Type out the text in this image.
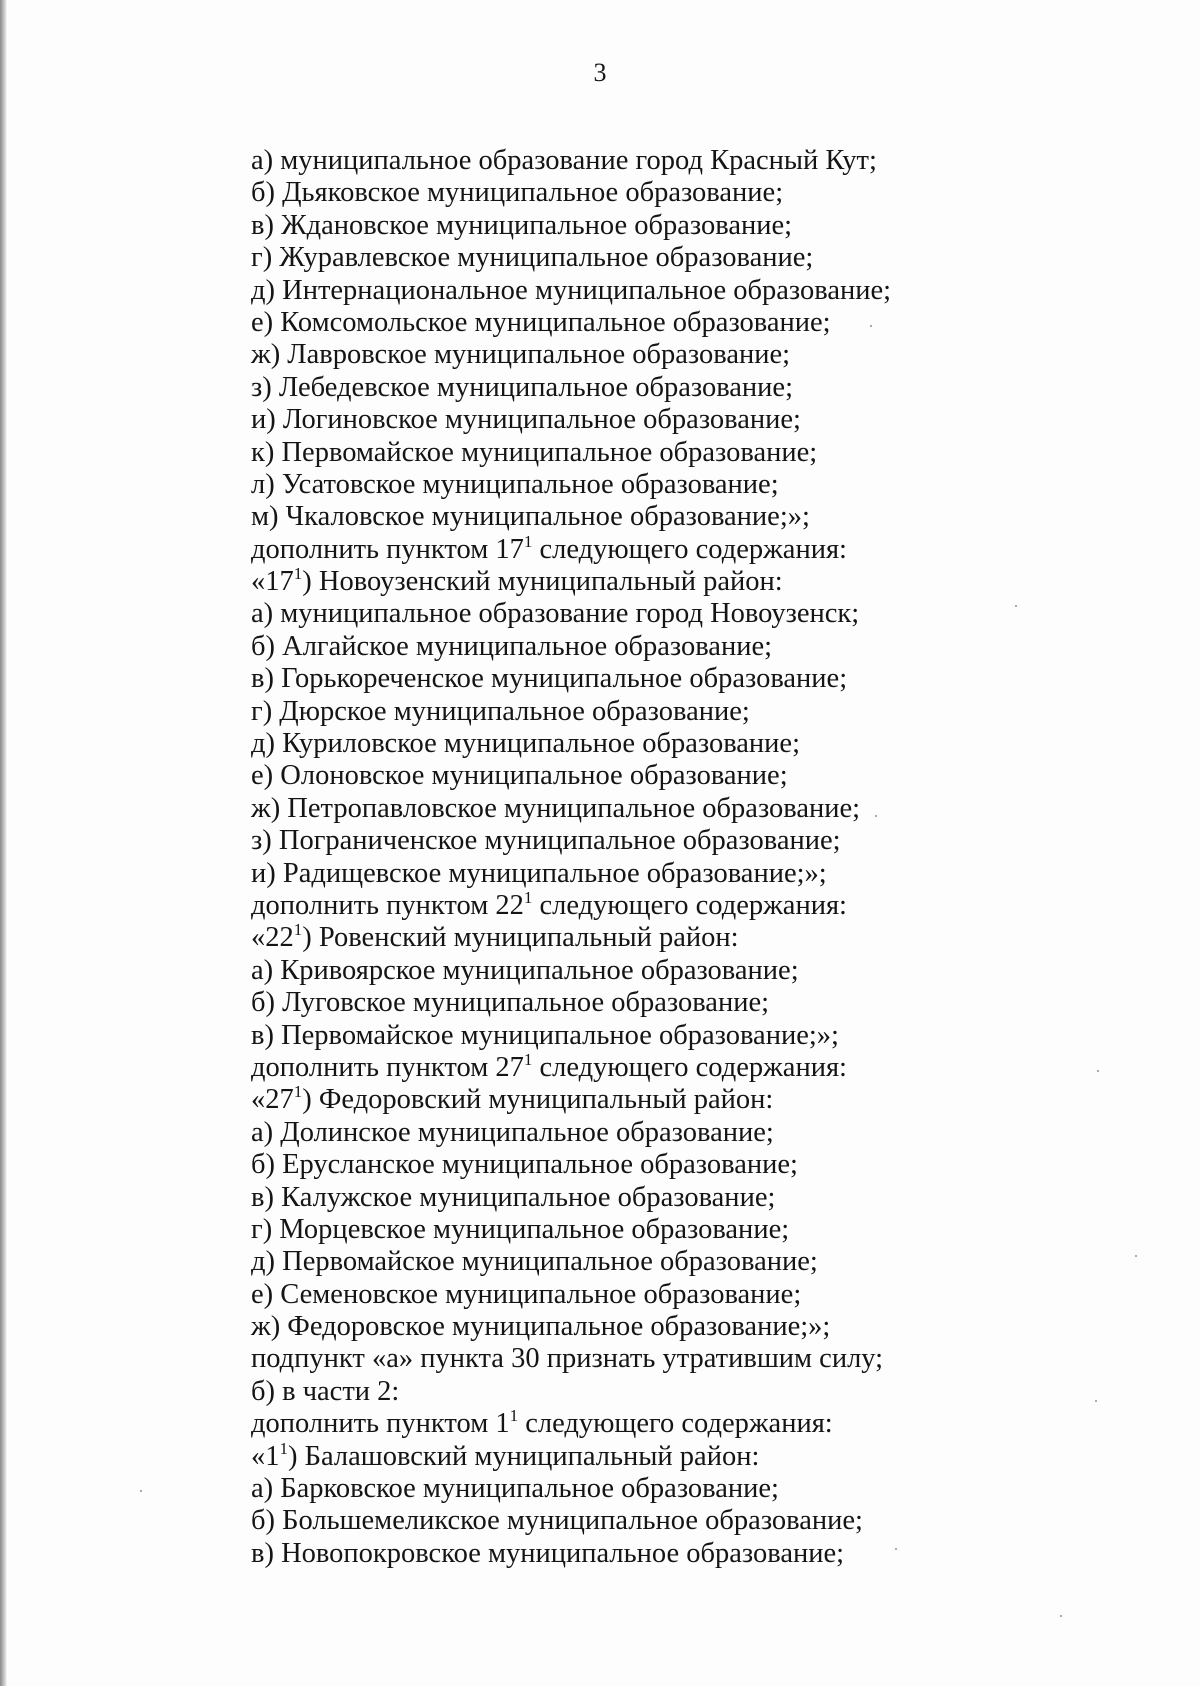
3
а) муниципальное образование город Красный Кут;
б) Дьяковское муниципальное образование;
в) Ждановское муниципальное образование;
г) Журавлевское муниципальное образование;
д) Интернациональное муниципальное образование;
е) Комсомольское муниципальное образование;
ж) Лавровское муниципальное образование;
з) Лебедевское муниципальное образование;
и) Логиновское муниципальное образование;
к) Первомайское муниципальное образование;
л) Усатовское муниципальное образование;
м) Чкаловское муниципальное образование;»;
дополнить пунктом $17^1$ следующего содержания:
«$17^1$) Новоузенский муниципальный район:
а) муниципальное образование город Новоузенск;
б) Алгайское муниципальное образование;
в) Горькореченское муниципальное образование;
г) Дюрское муниципальное образование;
д) Куриловское муниципальное образование;
е) Олоновское муниципальное образование;
ж) Петропавловское муниципальное образование;
з) Пограниченское муниципальное образование;
и) Радищевское муниципальное образование;»;
дополнить пунктом $22^1$ следующего содержания:
«$22^1$) Ровенский муниципальный район:
а) Кривоярское муниципальное образование;
б) Луговское муниципальное образование;
в) Первомайское муниципальное образование;»;
дополнить пунктом $27^1$ следующего содержания:
«$27^1$) Федоровский муниципальный район:
а) Долинское муниципальное образование;
б) Ерусланское муниципальное образование;
в) Калужское муниципальное образование;
г) Морцевское муниципальное образование;
д) Первомайское муниципальное образование;
е) Семеновское муниципальное образование;
ж) Федоровское муниципальное образование;»;
подпункт «а» пункта 30 признать утратившим силу;
б) в части 2:
дополнить пунктом $1^1$ следующего содержания:
«$1^1$) Балашовский муниципальный район:
а) Барковское муниципальное образование;
б) Большемеликское муниципальное образование;
в) Новопокровское муниципальное образование;
